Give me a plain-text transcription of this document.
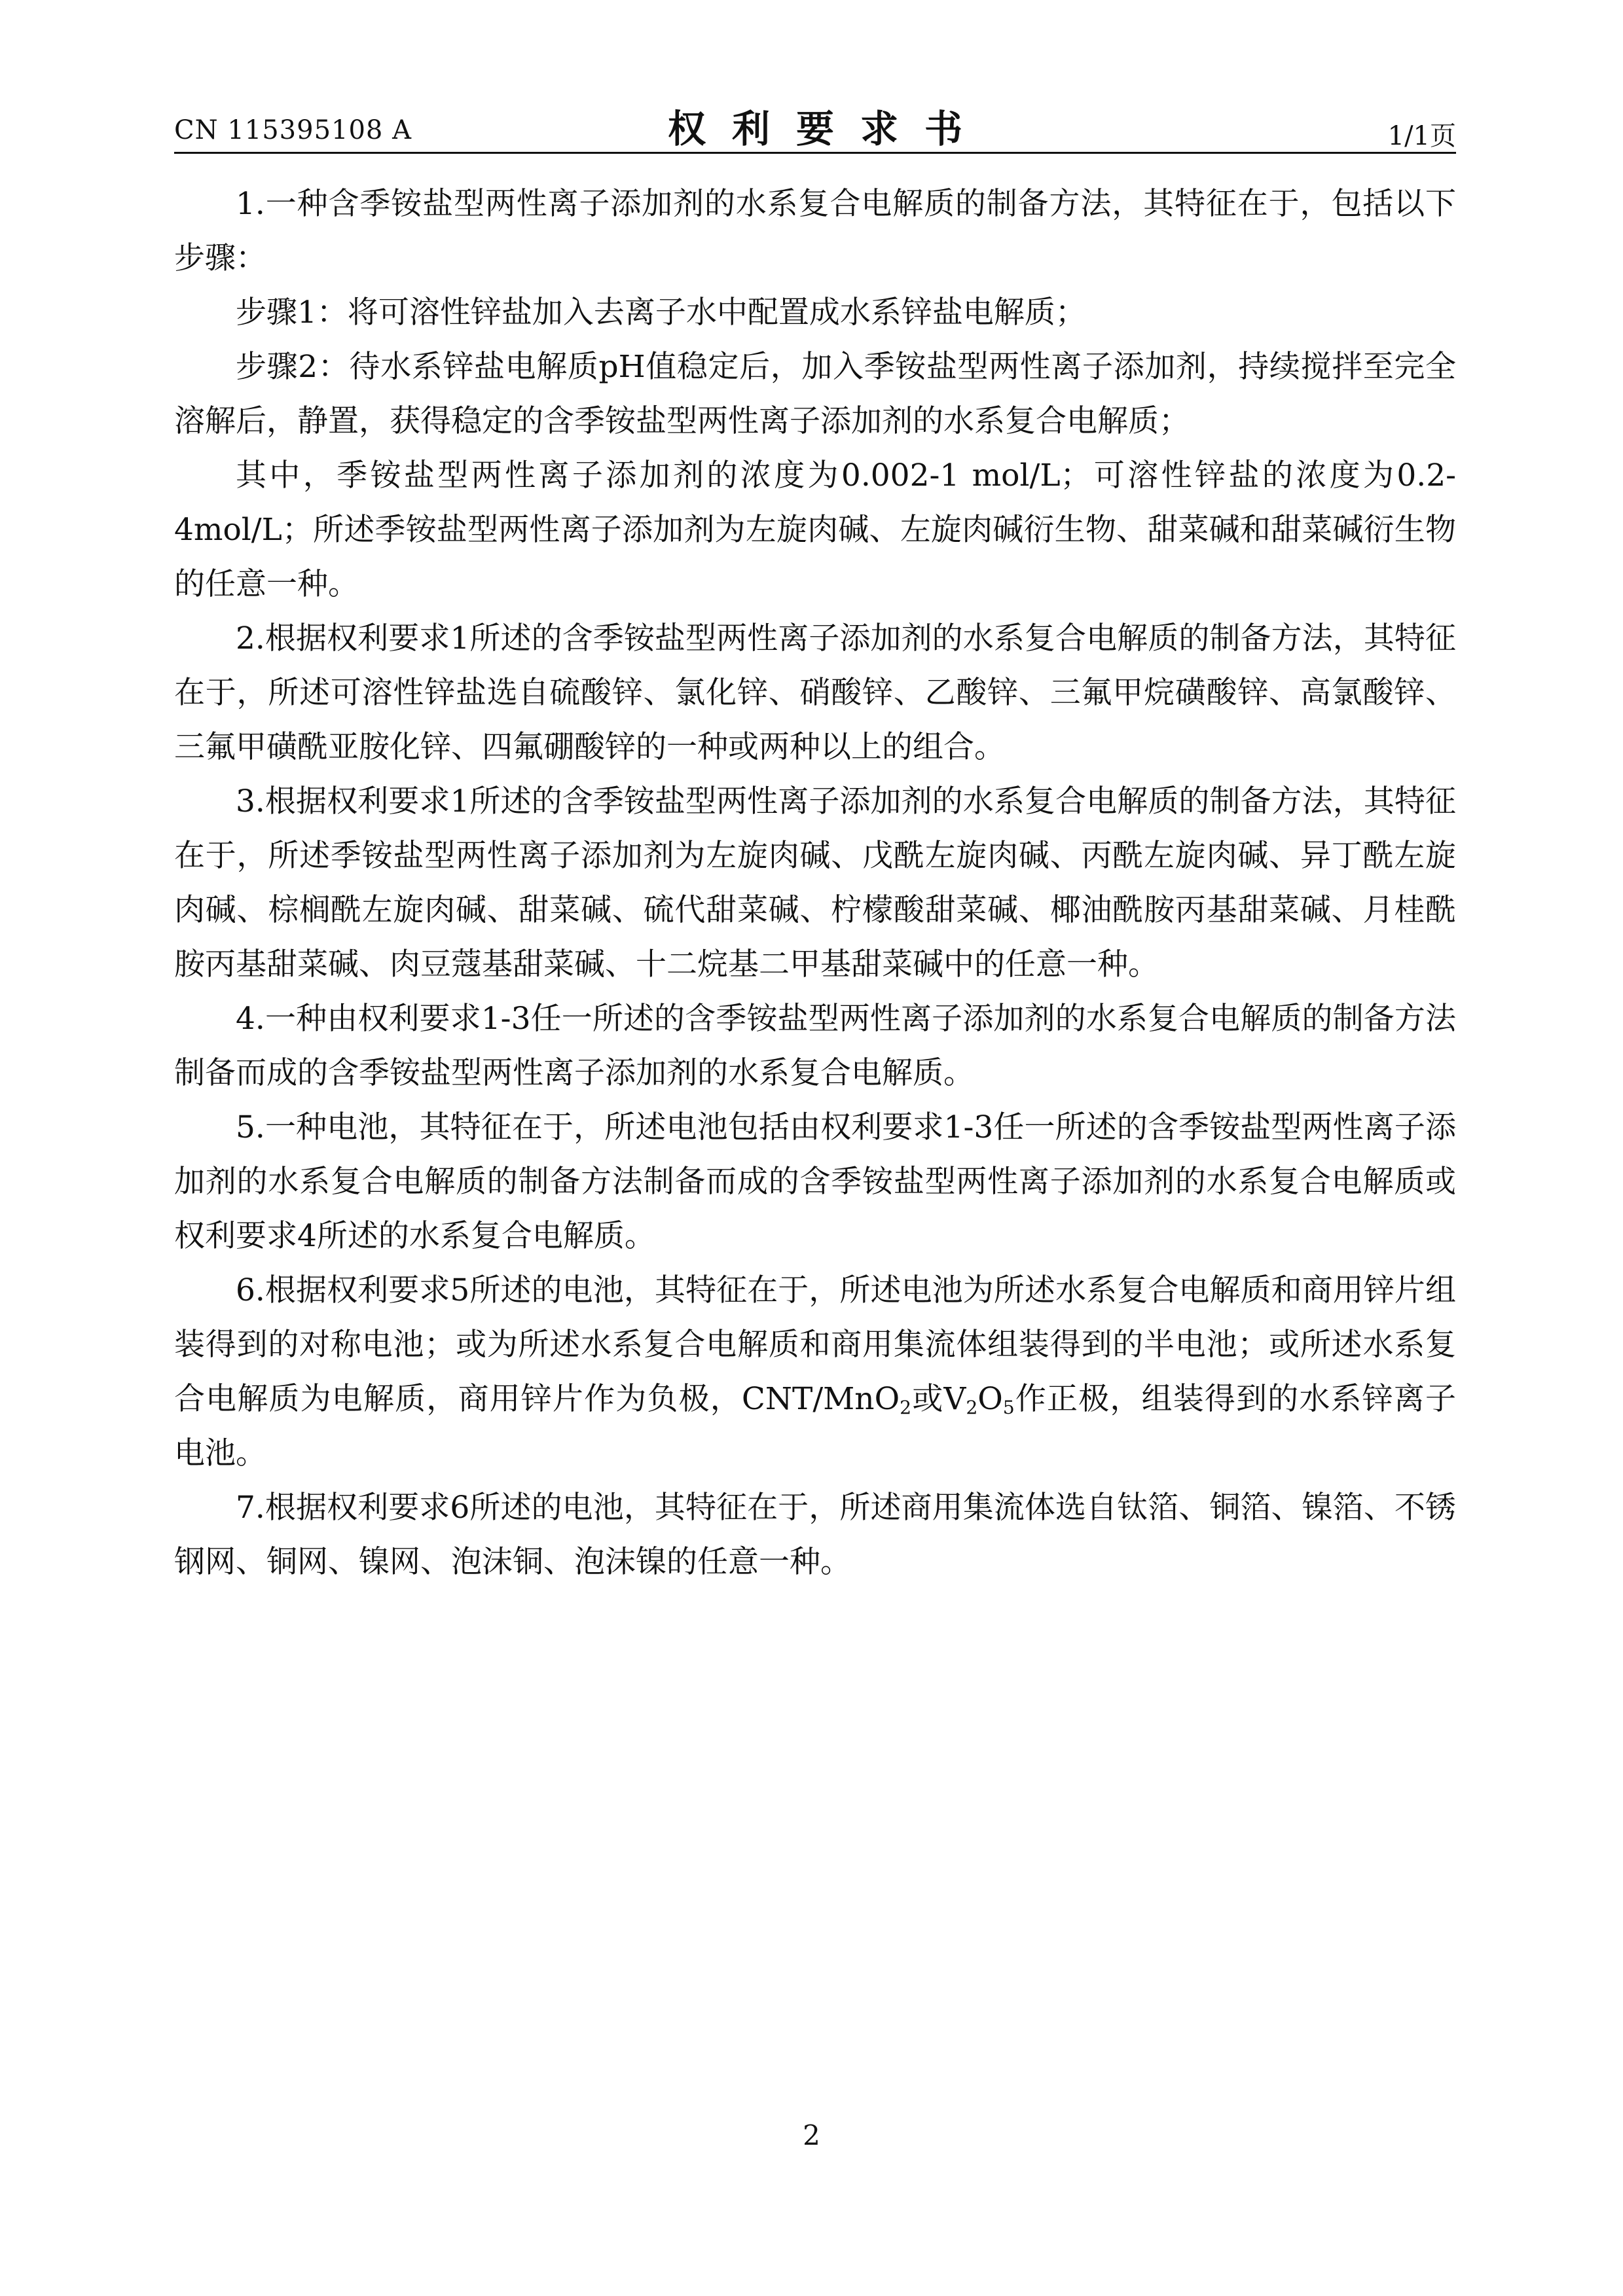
CN 115395108 A	权利要求书	1/1页

1.一种含季铵盐型两性离子添加剂的水系复合电解质的制备方法，其特征在于，包括以下步骤：

步骤1：将可溶性锌盐加入去离子水中配置成水系锌盐电解质；

步骤2：待水系锌盐电解质pH值稳定后，加入季铵盐型两性离子添加剂，持续搅拌至完全溶解后，静置，获得稳定的含季铵盐型两性离子添加剂的水系复合电解质；

其中，季铵盐型两性离子添加剂的浓度为0.002-1 mol/L；可溶性锌盐的浓度为0.2-4mol/L；所述季铵盐型两性离子添加剂为左旋肉碱、左旋肉碱衍生物、甜菜碱和甜菜碱衍生物的任意一种。

2.根据权利要求1所述的含季铵盐型两性离子添加剂的水系复合电解质的制备方法，其特征在于，所述可溶性锌盐选自硫酸锌、氯化锌、硝酸锌、乙酸锌、三氟甲烷磺酸锌、高氯酸锌、三氟甲磺酰亚胺化锌、四氟硼酸锌的一种或两种以上的组合。

3.根据权利要求1所述的含季铵盐型两性离子添加剂的水系复合电解质的制备方法，其特征在于，所述季铵盐型两性离子添加剂为左旋肉碱、戊酰左旋肉碱、丙酰左旋肉碱、异丁酰左旋肉碱、棕榈酰左旋肉碱、甜菜碱、硫代甜菜碱、柠檬酸甜菜碱、椰油酰胺丙基甜菜碱、月桂酰胺丙基甜菜碱、肉豆蔻基甜菜碱、十二烷基二甲基甜菜碱中的任意一种。

4.一种由权利要求1-3任一所述的含季铵盐型两性离子添加剂的水系复合电解质的制备方法制备而成的含季铵盐型两性离子添加剂的水系复合电解质。

5.一种电池，其特征在于，所述电池包括由权利要求1-3任一所述的含季铵盐型两性离子添加剂的水系复合电解质的制备方法制备而成的含季铵盐型两性离子添加剂的水系复合电解质或权利要求4所述的水系复合电解质。

6.根据权利要求5所述的电池，其特征在于，所述电池为所述水系复合电解质和商用锌片组装得到的对称电池；或为所述水系复合电解质和商用集流体组装得到的半电池；或所述水系复合电解质为电解质，商用锌片作为负极，CNT/MnO$_2$或$V_2O_5$作正极，组装得到的水系锌离子电池。

7.根据权利要求6所述的电池，其特征在于，所述商用集流体选自钛箔、铜箔、镍箔、不锈钢网、铜网、镍网、泡沫铜、泡沫镍的任意一种。

2
